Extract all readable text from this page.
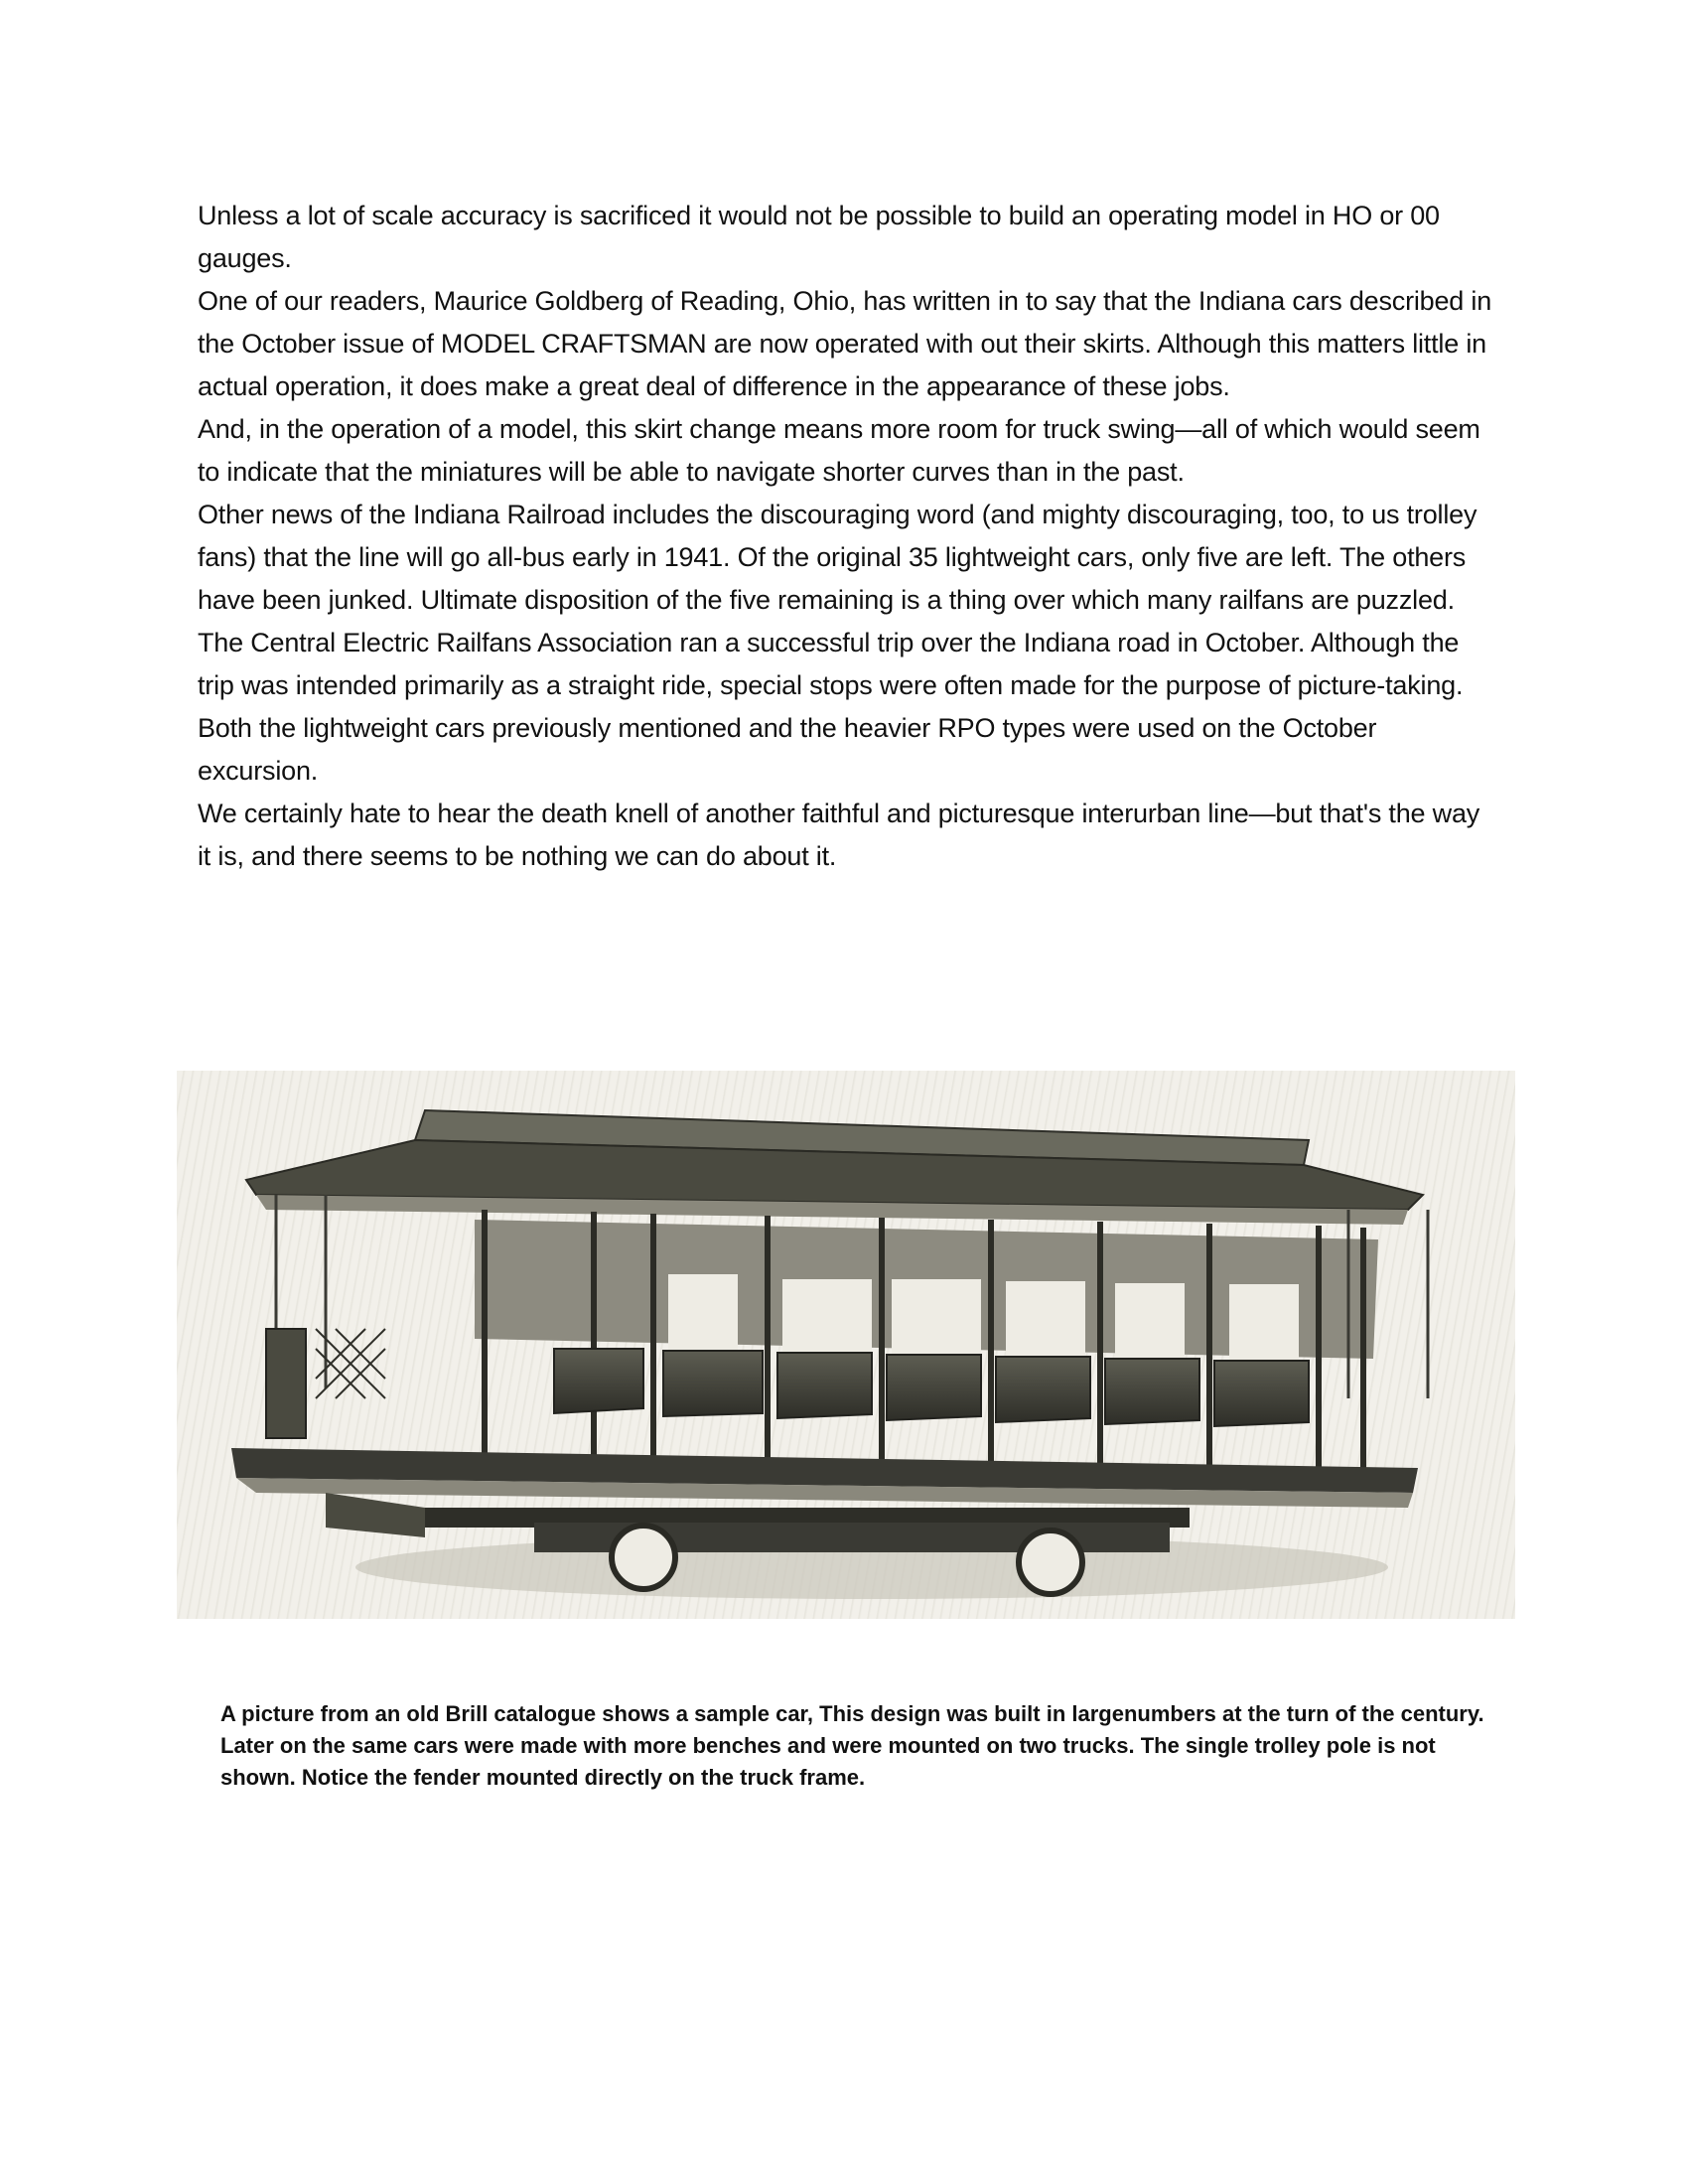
Unless a lot of scale accuracy is sacrificed it would not be possible to build an operating model in HO or 00 gauges.

One of our readers, Maurice Goldberg of Reading, Ohio, has written in to say that the Indiana cars described in the October issue of MODEL CRAFTSMAN are now operated with out their skirts. Although this matters little in actual operation, it does make a great deal of difference in the appearance of these jobs.

And, in the operation of a model, this skirt change means more room for truck swing—all of which would seem to indicate that the miniatures will be able to navigate shorter curves than in the past.

Other news of the Indiana Railroad includes the discouraging word (and mighty discouraging, too, to us trolley fans) that the line will go all-bus early in 1941. Of the original 35 lightweight cars, only five are left. The others have been junked. Ultimate disposition of the five remaining is a thing over which many railfans are puzzled.

The Central Electric Railfans Association ran a successful trip over the Indiana road in October. Although the trip was intended primarily as a straight ride, special stops were often made for the purpose of picture-taking. Both the lightweight cars previously mentioned and the heavier RPO types were used on the October excursion.

We certainly hate to hear the death knell of another faithful and picturesque interurban line—but that's the way it is, and there seems to be nothing we can do about it.

A picture from an old Brill catalogue shows a sample car, This design was built in largenumbers at the turn of the century. Later on the same cars were made with more benches and were mounted on two trucks. The single trolley pole is not shown. Notice the fender mounted directly on the truck frame.
